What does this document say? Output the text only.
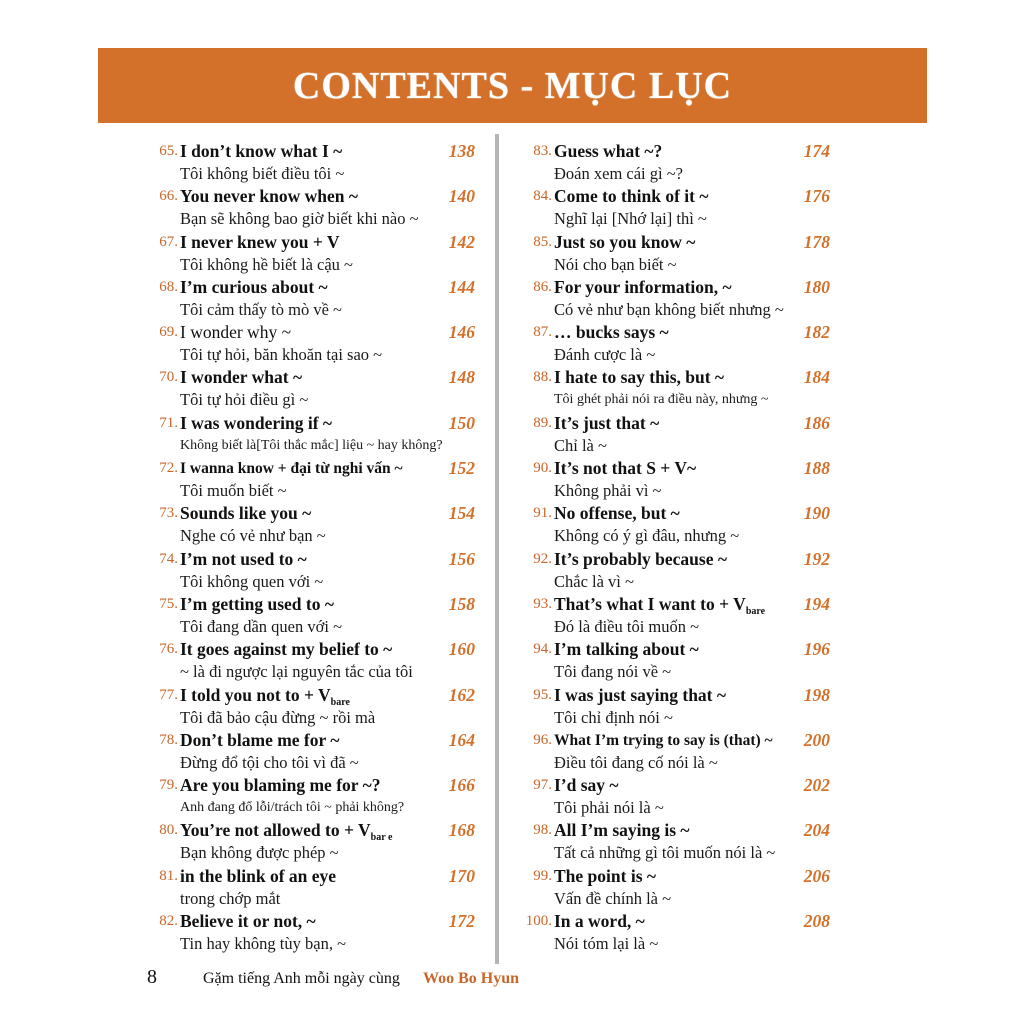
CONTENTS - MỤC LỤC
65. I don’t know what I ~	138
Tôi không biết điều tôi ~
66. You never know when ~	140
Bạn sẽ không bao giờ biết khi nào ~
67. I never knew you + V	142
Tôi không hề biết là cậu ~
68. I’m curious about ~	144
Tôi cảm thấy tò mò về ~
69. I wonder why ~	146
Tôi tự hỏi, băn khoăn tại sao ~
70. I wonder what ~	148
Tôi tự hỏi điều gì ~
71. I was wondering if ~	150
Không biết là[Tôi thắc mắc] liệu ~ hay không?
72. I wanna know + đại từ nghi vấn ~	152
Tôi muốn biết ~
73. Sounds like you ~	154
Nghe có vẻ như bạn ~
74. I’m not used to ~	156
Tôi không quen với ~
75. I’m getting used to ~	158
Tôi đang dần quen với ~
76. It goes against my belief to ~	160
~ là đi ngược lại nguyên tắc của tôi
77. I told you not to + $V_{bare}$	162
Tôi đã bảo cậu đừng ~ rồi mà
78. Don’t blame me for ~	164
Đừng đổ tội cho tôi vì đã ~
79. Are you blaming me for ~?	166
Anh đang đổ lỗi/trách tôi ~ phải không?
80. You’re not allowed to + $V_{bar e}$	168
Bạn không được phép ~
81. in the blink of an eye	170
trong chớp mắt
82. Believe it or not, ~	172
Tin hay không tùy bạn, ~
83. Guess what ~?	174
Đoán xem cái gì ~?
84. Come to think of it ~	176
Nghĩ lại [Nhớ lại] thì ~
85. Just so you know ~	178
Nói cho bạn biết ~
86. For your information, ~	180
Có vẻ như bạn không biết nhưng ~
87. … bucks says ~	182
Đánh cược là ~
88. I hate to say this, but ~	184
Tôi ghét phải nói ra điều này, nhưng ~
89. It’s just that ~	186
Chỉ là ~
90. It’s not that S + V~	188
Không phải vì ~
91. No offense, but ~	190
Không có ý gì đâu, nhưng ~
92. It’s probably because ~	192
Chắc là vì ~
93. That’s what I want to + $V_{bare}$ 194
Đó là điều tôi muốn ~
94. I’m talking about ~	196
Tôi đang nói về ~
95. I was just saying that ~	198
Tôi chỉ định nói ~
96. What I’m trying to say is (that) ~ 200
Điều tôi đang cố nói là ~
97. I’d say ~	202
Tôi phải nói là ~
98. All I’m saying is ~	204
Tất cả những gì tôi muốn nói là ~
99. The point is ~	206
Vấn đề chính là ~
100. In a word, ~	208
Nói tóm lại là ~
8	Gặm tiếng Anh mỗi ngày cùng Woo Bo Hyun
